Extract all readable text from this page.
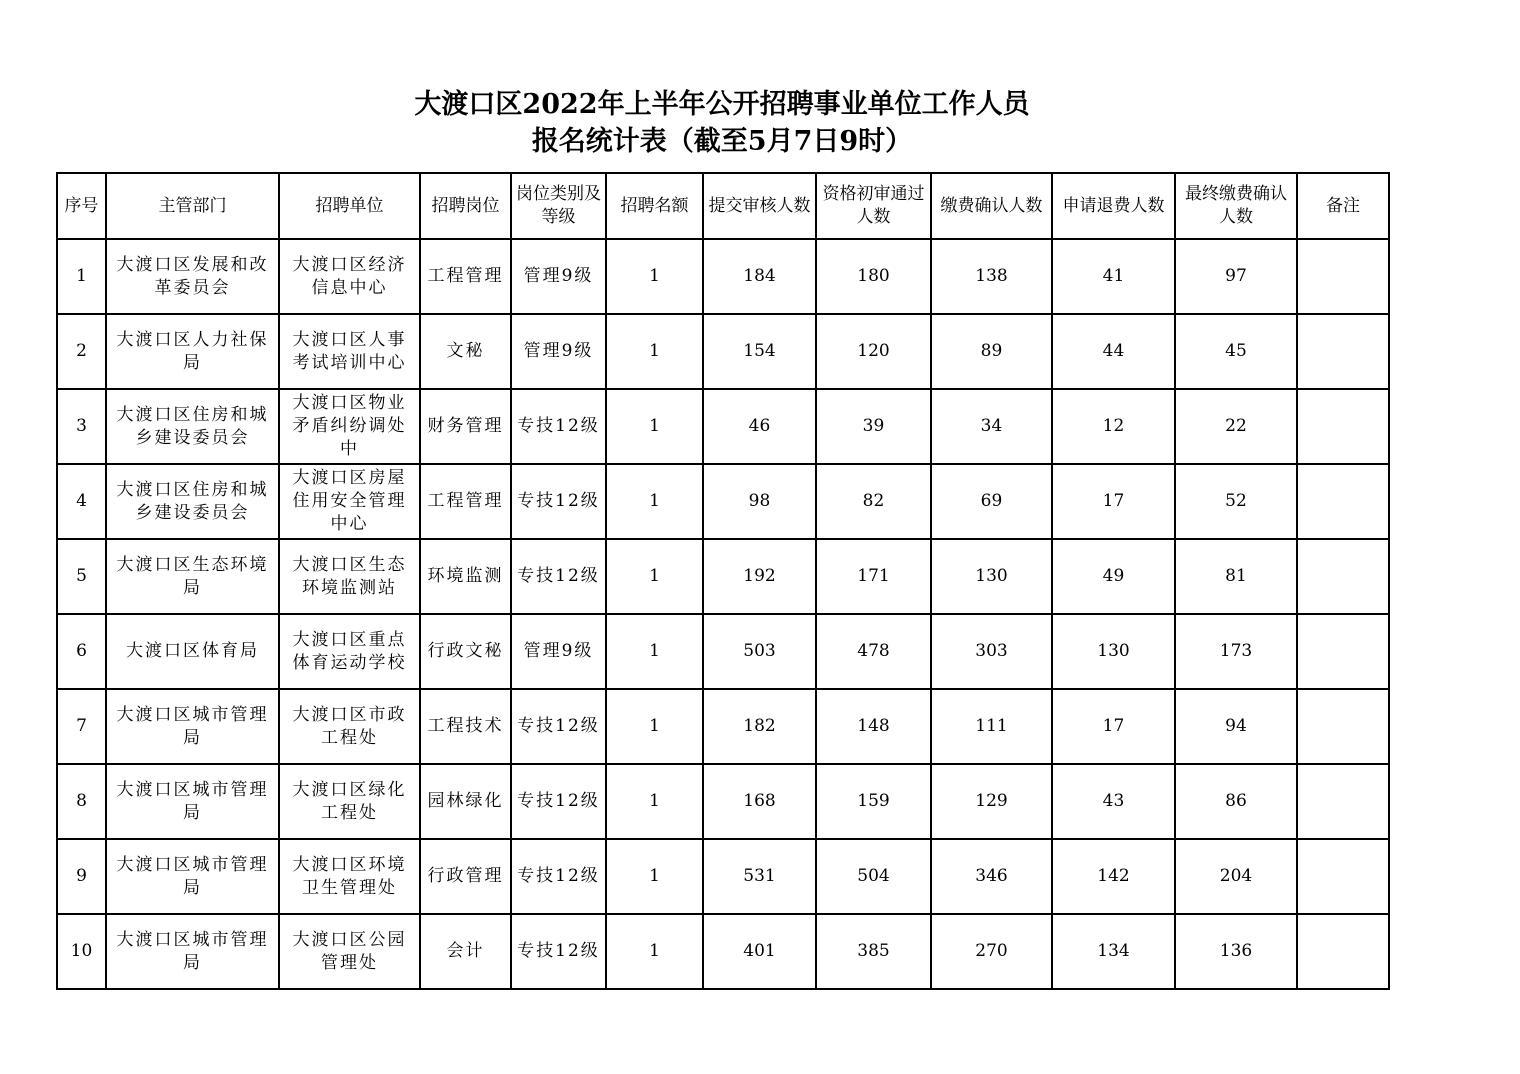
大渡口区2022年上半年公开招聘事业单位工作人员
报名统计表（截至5月7日9时）
序号	主管部门	招聘单位	招聘岗位	岗位类别及等级	招聘名额	提交审核人数	资格初审通过人数	缴费确认人数	申请退费人数	最终缴费确认人数	备注
1	大渡口区发展和改革委员会	大渡口区经济信息中心	工程管理	管理9级	1	184	180	138	41	97	
2	大渡口区人力社保局	大渡口区人事考试培训中心	文秘	管理9级	1	154	120	89	44	45	
3	大渡口区住房和城乡建设委员会	大渡口区物业矛盾纠纷调处中	财务管理	专技12级	1	46	39	34	12	22	
4	大渡口区住房和城乡建设委员会	大渡口区房屋住用安全管理中心	工程管理	专技12级	1	98	82	69	17	52	
5	大渡口区生态环境局	大渡口区生态环境监测站	环境监测	专技12级	1	192	171	130	49	81	
6	大渡口区体育局	大渡口区重点体育运动学校	行政文秘	管理9级	1	503	478	303	130	173	
7	大渡口区城市管理局	大渡口区市政工程处	工程技术	专技12级	1	182	148	111	17	94	
8	大渡口区城市管理局	大渡口区绿化工程处	园林绿化	专技12级	1	168	159	129	43	86	
9	大渡口区城市管理局	大渡口区环境卫生管理处	行政管理	专技12级	1	531	504	346	142	204	
10	大渡口区城市管理局	大渡口区公园管理处	会计	专技12级	1	401	385	270	134	136	
